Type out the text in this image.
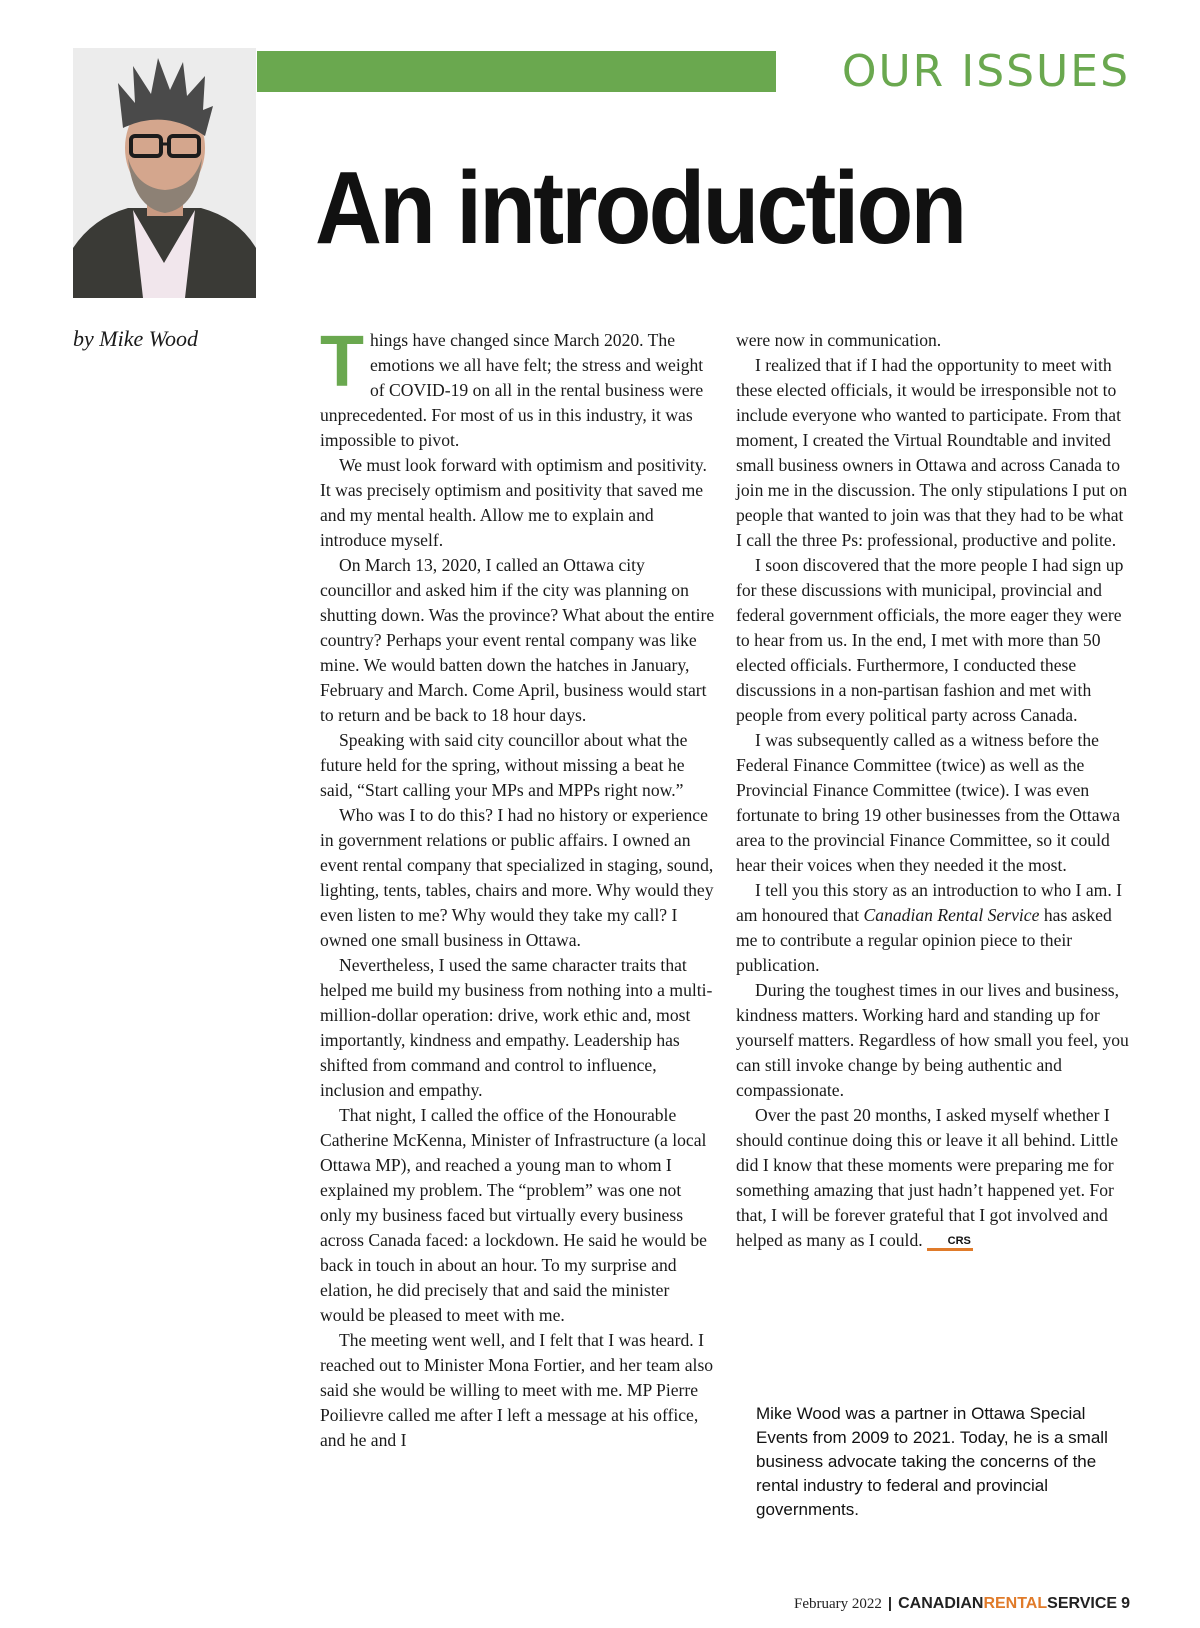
OUR ISSUES
An introduction
by Mike Wood	Things have changed since March 2020. The emotions we all have felt; the stress and weight of COVID-19 on all in the rental business were unprecedented. For most of us in this industry, it was impossible to pivot.

We must look forward with optimism and positivity. It was precisely optimism and positivity that saved me and my mental health. Allow me to explain and introduce myself.

On March 13, 2020, I called an Ottawa city councillor and asked him if the city was planning on shutting down. Was the province? What about the entire country? Perhaps your event rental company was like mine. We would batten down the hatches in January, February and March. Come April, business would start to return and be back to 18 hour days.

Speaking with said city councillor about what the future held for the spring, without missing a beat he said, “Start calling your MPs and MPPs right now.”

Who was I to do this? I had no history or experience in government relations or public affairs. I owned an event rental company that specialized in staging, sound, lighting, tents, tables, chairs and more. Why would they even listen to me? Why would they take my call? I owned one small business in Ottawa.

Nevertheless, I used the same character traits that helped me build my business from nothing into a multi-million-dollar operation: drive, work ethic and, most importantly, kindness and empathy. Leadership has shifted from command and control to influence, inclusion and empathy.

That night, I called the office of the Honourable Catherine McKenna, Minister of Infrastructure (a local Ottawa MP), and reached a young man to whom I explained my problem. The “problem” was one not only my business faced but virtually every business across Canada faced: a lockdown. He said he would be back in touch in about an hour. To my surprise and elation, he did precisely that and said the minister would be pleased to meet with me.

The meeting went well, and I felt that I was heard. I reached out to Minister Mona Fortier, and her team also said she would be willing to meet with me. MP Pierre Poilievre called me after I left a message at his office, and he and I

were now in communication.

I realized that if I had the opportunity to meet with these elected officials, it would be irresponsible not to include everyone who wanted to participate. From that moment, I created the Virtual Roundtable and invited small business owners in Ottawa and across Canada to join me in the discussion. The only stipulations I put on people that wanted to join was that they had to be what I call the three Ps: professional, productive and polite.

I soon discovered that the more people I had sign up for these discussions with municipal, provincial and federal government officials, the more eager they were to hear from us. In the end, I met with more than 50 elected officials. Furthermore, I conducted these discussions in a non-partisan fashion and met with people from every political party across Canada.

I was subsequently called as a witness before the Federal Finance Committee (twice) as well as the Provincial Finance Committee (twice). I was even fortunate to bring 19 other businesses from the Ottawa area to the provincial Finance Committee, so it could hear their voices when they needed it the most.

I tell you this story as an introduction to who I am. I am honoured that Canadian Rental Service has asked me to contribute a regular opinion piece to their publication.

During the toughest times in our lives and business, kindness matters. Working hard and standing up for yourself matters. Regardless of how small you feel, you can still invoke change by being authentic and compassionate.

Over the past 20 months, I asked myself whether I should continue doing this or leave it all behind. Little did I know that these moments were preparing me for something amazing that just hadn’t happened yet. For that, I will be forever grateful that I got involved and helped as many as I could. CRS

Mike Wood was a partner in Ottawa Special Events from 2009 to 2021. Today, he is a small business advocate taking the concerns of the rental industry to federal and provincial governments.
February 2022 | CANADIANRENTALSERVICE 9
